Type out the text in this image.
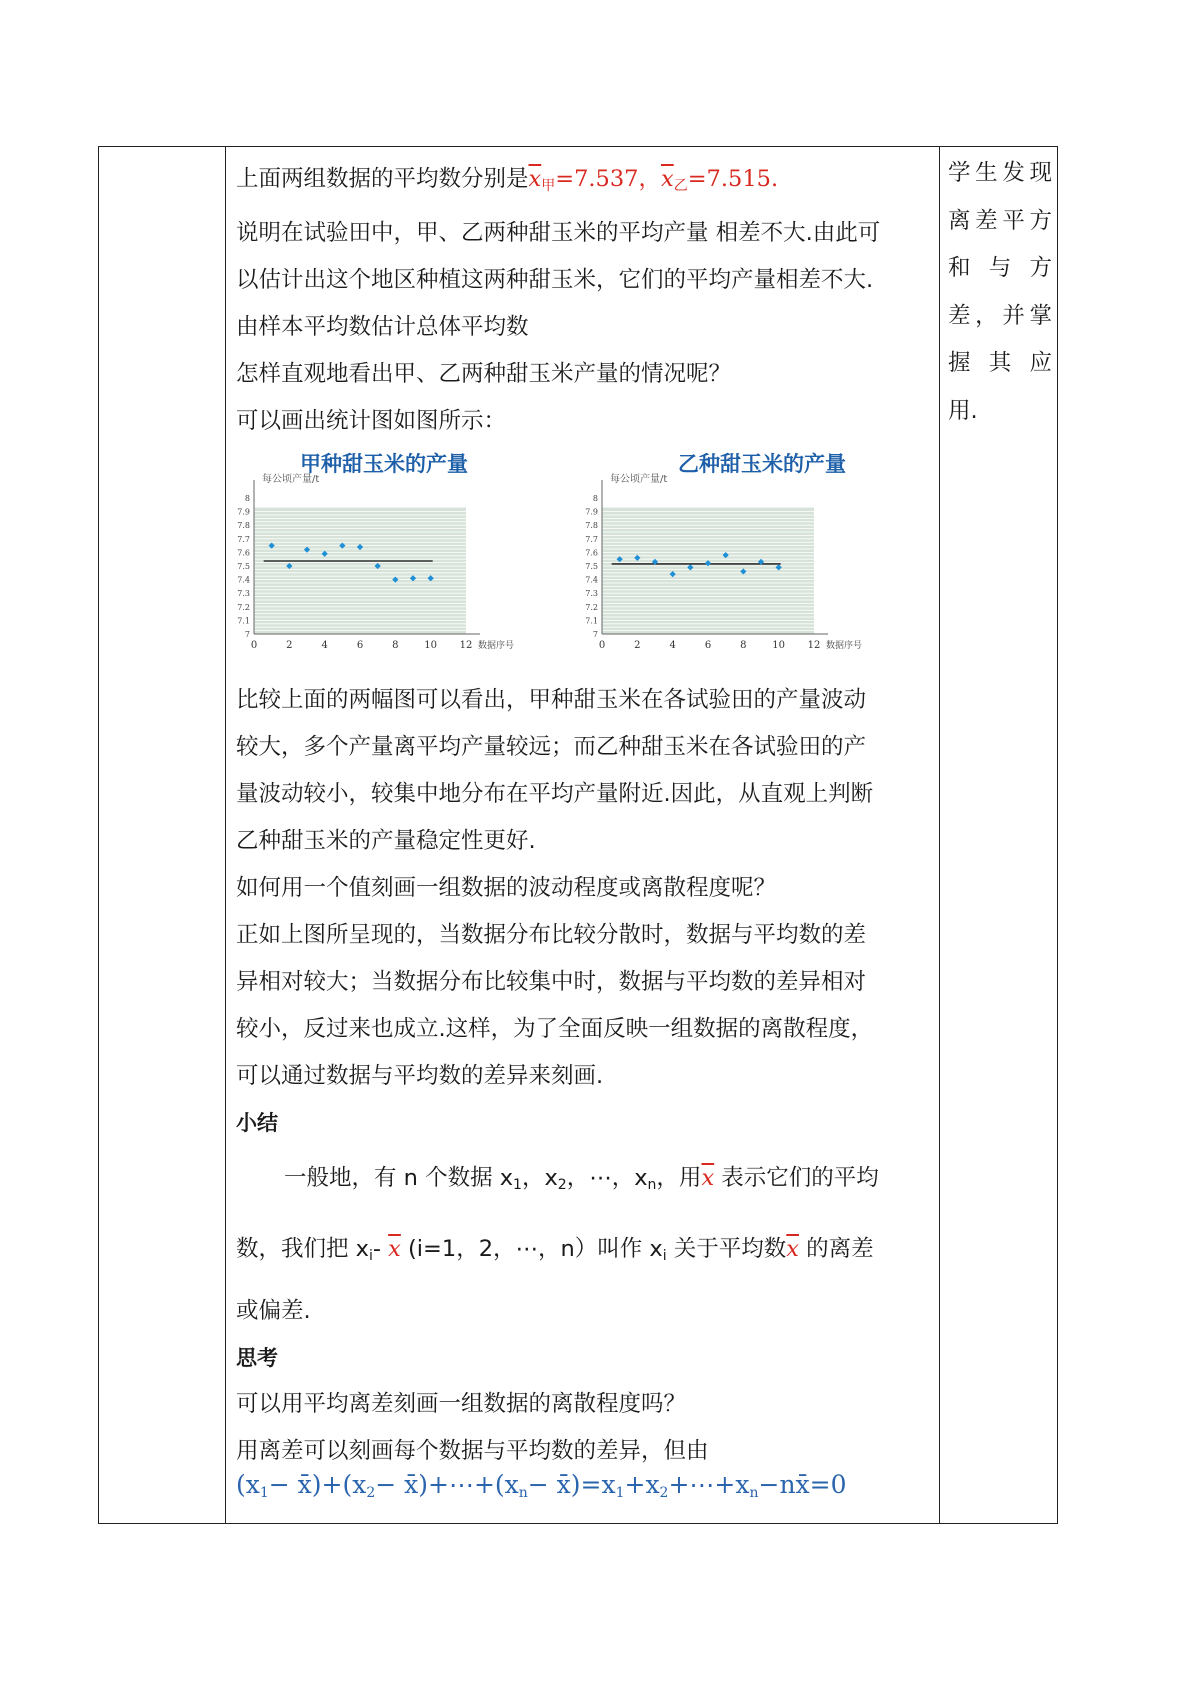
上面两组数据的平均数分别是$\overline{x}_甲=7.537$，$\overline{x}_乙=7.515$.

说明在试验田中，甲、乙两种甜玉米的平均产量 相差不大.由此可

以估计出这个地区种植这两种甜玉米，它们的平均产量相差不大.

由样本平均数估计总体平均数

怎样直观地看出甲、乙两种甜玉米产量的情况呢？

可以画出统计图如图所示：

比较上面的两幅图可以看出，甲种甜玉米在各试验田的产量波动

较大，多个产量离平均产量较远；而乙种甜玉米在各试验田的产

量波动较小，较集中地分布在平均产量附近.因此，从直观上判断

乙种甜玉米的产量稳定性更好.

如何用一个值刻画一组数据的波动程度或离散程度呢？

正如上图所呈现的，当数据分布比较分散时，数据与平均数的差

异相对较大；当数据分布比较集中时，数据与平均数的差异相对

较小，反过来也成立.这样，为了全面反映一组数据的离散程度，

可以通过数据与平均数的差异来刻画.

小结

一般地，有 n 个数据 $x_1$，$x_2$，⋯，$x_n$，用$\overline{x}$ 表示它们的平均

数，我们把 $x_i-$ $\overline{x}$ (i=1，2，⋯，n）叫作 $x_i$ 关于平均数$\overline{x}$ 的离差

或偏差.

思考

可以用平均离差刻画一组数据的离散程度吗？

用离差可以刻画每个数据与平均数的差异，但由

($x_1-$ $x̄)+(x_2-$ $x̄)+\cdots+(x_n-$ $x̄)=x_1+x_2+\cdots+x_n-nx̄=0$
学生发现
离差平方
和 与 方
差，并掌
握 其 应
用.
甲种甜玉米的产量	乙种甜玉米的产量
7
7.1
7.2
7.3
7.4
7.5
7.6
7.7
7.8
7.9
8
0	2	4	6	8	10 12
每公顷产量/t
数据序号
7
7.1
7.2
7.3
7.4
7.5
7.6
7.7
7.8
7.9
8
0	2	4	6	8	10 12
每公顷产量/t
数据序号
